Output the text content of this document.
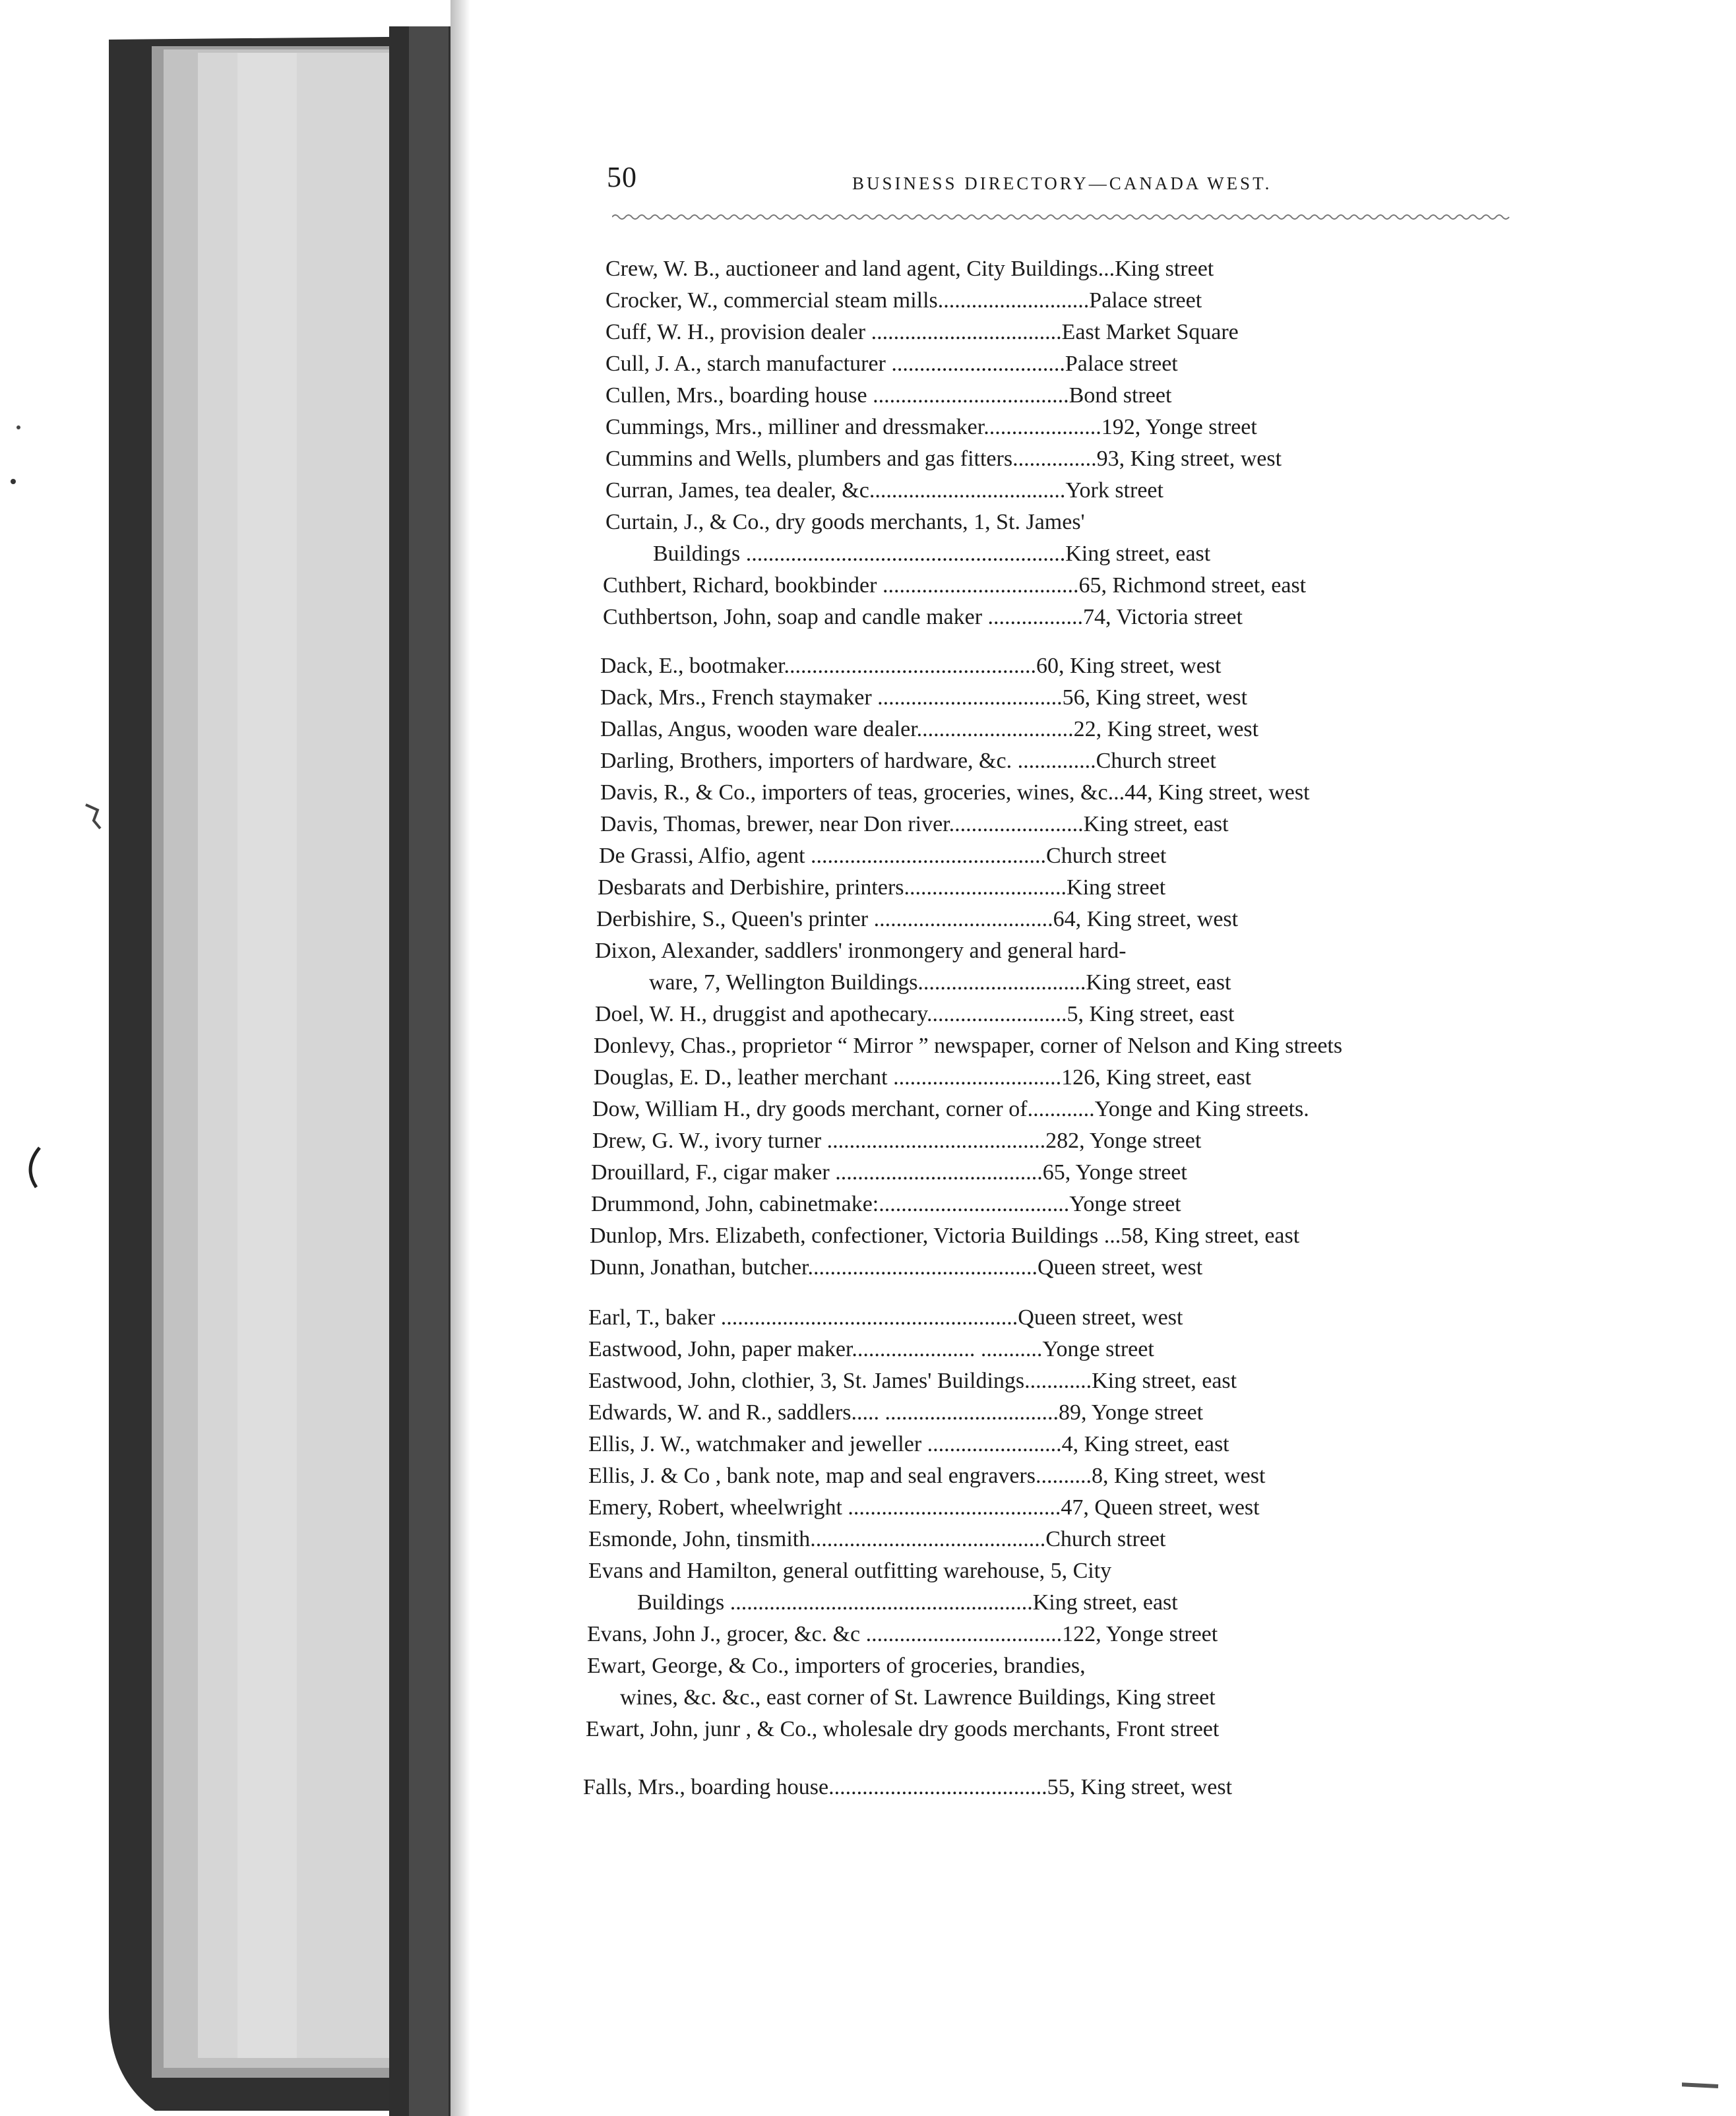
50	BUSINESS DIRECTORY—CANADA WEST.
Crew, W. B., auctioneer and land agent, City Buildings...King street
Crocker, W., commercial steam mills...........................Palace street
Cuff, W. H., provision dealer ..................................East Market Square
Cull, J. A., starch manufacturer ...............................Palace street
Cullen, Mrs., boarding house ...................................Bond street
Cummings, Mrs., milliner and dressmaker.....................192, Yonge street
Cummins and Wells, plumbers and gas fitters...............93, King street, west
Curran, James, tea dealer, &c...................................York street
Curtain, J., & Co., dry goods merchants, 1, St. James'
Buildings .........................................................King street, east
Cuthbert, Richard, bookbinder ...................................65, Richmond street, east
Cuthbertson, John, soap and candle maker .................74, Victoria street
Dack, E., bootmaker.............................................60, King street, west
Dack, Mrs., French staymaker .................................56, King street, west
Dallas, Angus, wooden ware dealer............................22, King street, west
Darling, Brothers, importers of hardware, &c. ..............Church street
Davis, R., & Co., importers of teas, groceries, wines, &c...44, King street, west
Davis, Thomas, brewer, near Don river........................King street, east
De Grassi, Alfio, agent ..........................................Church street
Desbarats and Derbishire, printers.............................King street
Derbishire, S., Queen's printer ................................64, King street, west
Dixon, Alexander, saddlers' ironmongery and general hard-
ware, 7, Wellington Buildings..............................King street, east
Doel, W. H., druggist and apothecary.........................5, King street, east
Donlevy, Chas., proprietor “ Mirror ” newspaper, corner of Nelson and King streets
Douglas, E. D., leather merchant ..............................126, King street, east
Dow, William H., dry goods merchant, corner of............Yonge and King streets.
Drew, G. W., ivory turner .......................................282, Yonge street
Drouillard, F., cigar maker .....................................65, Yonge street
Drummond, John, cabinetmake:..................................Yonge street
Dunlop, Mrs. Elizabeth, confectioner, Victoria Buildings ...58, King street, east
Dunn, Jonathan, butcher.........................................Queen street, west
Earl, T., baker .....................................................Queen street, west
Eastwood, John, paper maker...................... ...........Yonge street
Eastwood, John, clothier, 3, St. James' Buildings............King street, east
Edwards, W. and R., saddlers..... ...............................89, Yonge street
Ellis, J. W., watchmaker and jeweller ........................4, King street, east
Ellis, J. & Co , bank note, map and seal engravers..........8, King street, west
Emery, Robert, wheelwright ......................................47, Queen street, west
Esmonde, John, tinsmith..........................................Church street
Evans and Hamilton, general outfitting warehouse, 5, City
Buildings ......................................................King street, east
Evans, John J., grocer, &c. &c ...................................122, Yonge street
Ewart, George, & Co., importers of groceries, brandies,
wines, &c. &c., east corner of St. Lawrence Buildings, King street
Ewart, John, junr , & Co., wholesale dry goods merchants, Front street
Falls, Mrs., boarding house.......................................55, King street, west
